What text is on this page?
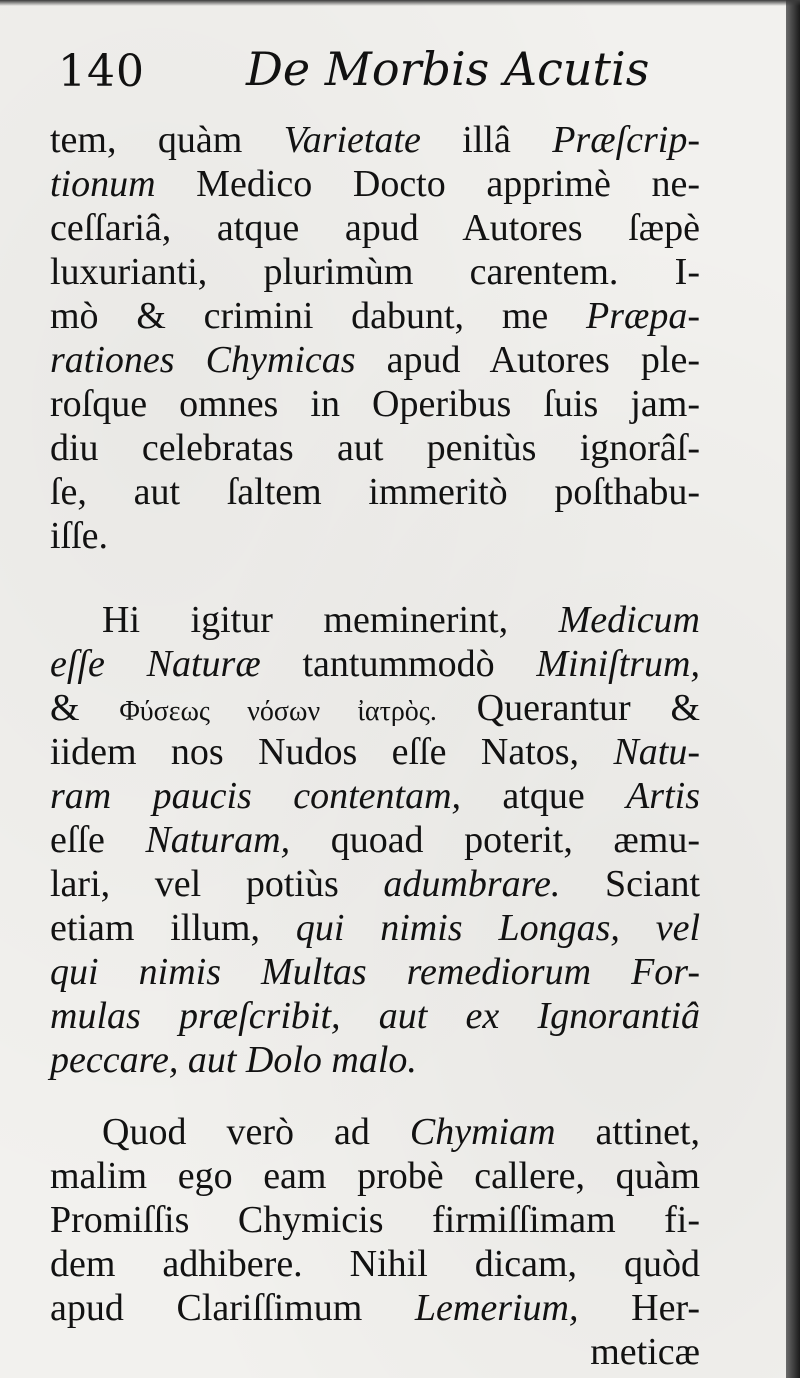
140 De Morbis Acutis
tem, quàm Varietate illâ Præſcrip-
tionum Medico Docto apprimè ne-
ceſſariâ, atque apud Autores ſæpè
luxurianti, plurimùm carentem. I-
mò & crimini dabunt, me Præpa-
rationes Chymicas apud Autores ple-
roſque omnes in Operibus ſuis jam-
diu celebratas aut penitùs ignorâſ-
ſe, aut ſaltem immeritò poſthabu-
iſſe.
Hi igitur meminerint, Medicum
eſſe Naturæ tantummodò Miniſtrum,
& Φύσεως νόσων ἰατρὸς. Querantur &
iidem nos Nudos eſſe Natos, Natu-
ram paucis contentam, atque Artis
eſſe Naturam, quoad poterit, æmu-
lari, vel potiùs adumbrare. Sciant
etiam illum, qui nimis Longas, vel
qui nimis Multas remediorum For-
mulas præſcribit, aut ex Ignorantiâ
peccare, aut Dolo malo.
Quod verò ad Chymiam attinet,
malim ego eam probè callere, quàm
Promiſſis Chymicis firmiſſimam fi-
dem adhibere. Nihil dicam, quòd
apud Clariſſimum Lemerium, Her-
meticæ
